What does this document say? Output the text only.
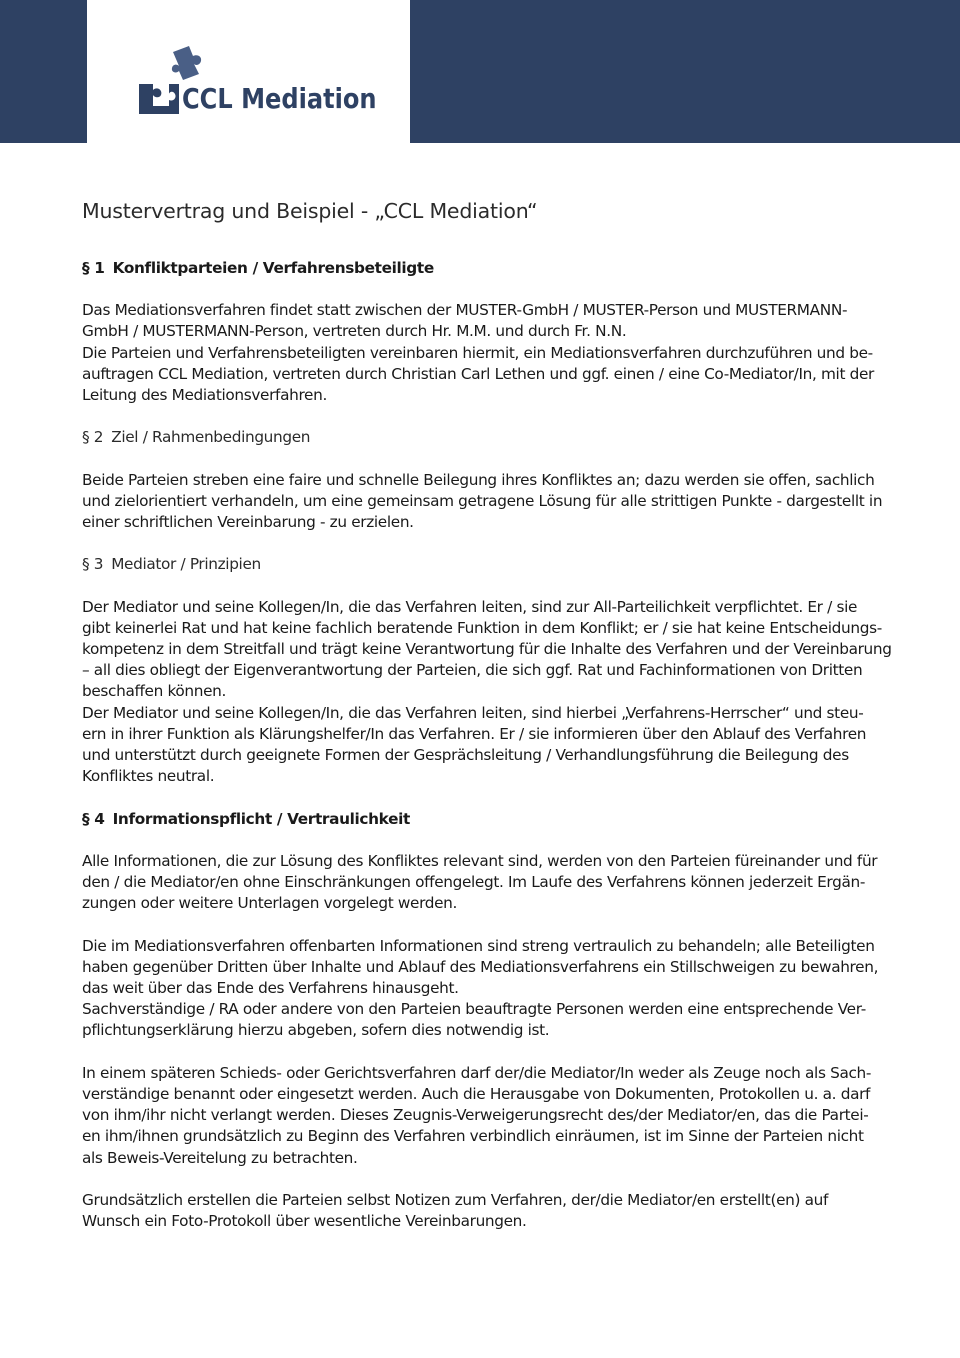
CCL Mediation
Mustervertrag und Beispiel - „CCL Mediation“

§ 1 Konfliktparteien / Verfahrensbeteiligte

Das Mediationsverfahren findet statt zwischen der MUSTER-GmbH / MUSTER-Person und MUSTERMANN-
GmbH / MUSTERMANN-Person, vertreten durch Hr. M.M. und durch Fr. N.N.
Die Parteien und Verfahrensbeteiligten vereinbaren hiermit, ein Mediationsverfahren durchzuführen und be-
auftragen CCL Mediation, vertreten durch Christian Carl Lethen und ggf. einen / eine Co-Mediator/In, mit der
Leitung des Mediationsverfahren.

§ 2 Ziel / Rahmenbedingungen

Beide Parteien streben eine faire und schnelle Beilegung ihres Konfliktes an; dazu werden sie offen, sachlich
und zielorientiert verhandeln, um eine gemeinsam getragene Lösung für alle strittigen Punkte - dargestellt in
einer schriftlichen Vereinbarung - zu erzielen.

§ 3 Mediator / Prinzipien

Der Mediator und seine Kollegen/In, die das Verfahren leiten, sind zur All-Parteilichkeit verpflichtet. Er / sie
gibt keinerlei Rat und hat keine fachlich beratende Funktion in dem Konflikt; er / sie hat keine Entscheidungs-
kompetenz in dem Streitfall und trägt keine Verantwortung für die Inhalte des Verfahren und der Vereinbarung
– all dies obliegt der Eigenverantwortung der Parteien, die sich ggf. Rat und Fachinformationen von Dritten
beschaffen können.
Der Mediator und seine Kollegen/In, die das Verfahren leiten, sind hierbei „Verfahrens-Herrscher“ und steu-
ern in ihrer Funktion als Klärungshelfer/In das Verfahren. Er / sie informieren über den Ablauf des Verfahren
und unterstützt durch geeignete Formen der Gesprächsleitung / Verhandlungsführung die Beilegung des
Konfliktes neutral.

§ 4 Informationspflicht / Vertraulichkeit

Alle Informationen, die zur Lösung des Konfliktes relevant sind, werden von den Parteien füreinander und für
den / die Mediator/en ohne Einschränkungen offengelegt. Im Laufe des Verfahrens können jederzeit Ergän-
zungen oder weitere Unterlagen vorgelegt werden.

Die im Mediationsverfahren offenbarten Informationen sind streng vertraulich zu behandeln; alle Beteiligten
haben gegenüber Dritten über Inhalte und Ablauf des Mediationsverfahrens ein Stillschweigen zu bewahren,
das weit über das Ende des Verfahrens hinausgeht.
Sachverständige / RA oder andere von den Parteien beauftragte Personen werden eine entsprechende Ver-
pflichtungserklärung hierzu abgeben, sofern dies notwendig ist.

In einem späteren Schieds- oder Gerichtsverfahren darf der/die Mediator/In weder als Zeuge noch als Sach-
verständige benannt oder eingesetzt werden. Auch die Herausgabe von Dokumenten, Protokollen u. a. darf
von ihm/ihr nicht verlangt werden. Dieses Zeugnis-Verweigerungsrecht des/der Mediator/en, das die Partei-
en ihm/ihnen grundsätzlich zu Beginn des Verfahren verbindlich einräumen, ist im Sinne der Parteien nicht
als Beweis-Vereitelung zu betrachten.

Grundsätzlich erstellen die Parteien selbst Notizen zum Verfahren, der/die Mediator/en erstellt(en) auf
Wunsch ein Foto-Protokoll über wesentliche Vereinbarungen.
